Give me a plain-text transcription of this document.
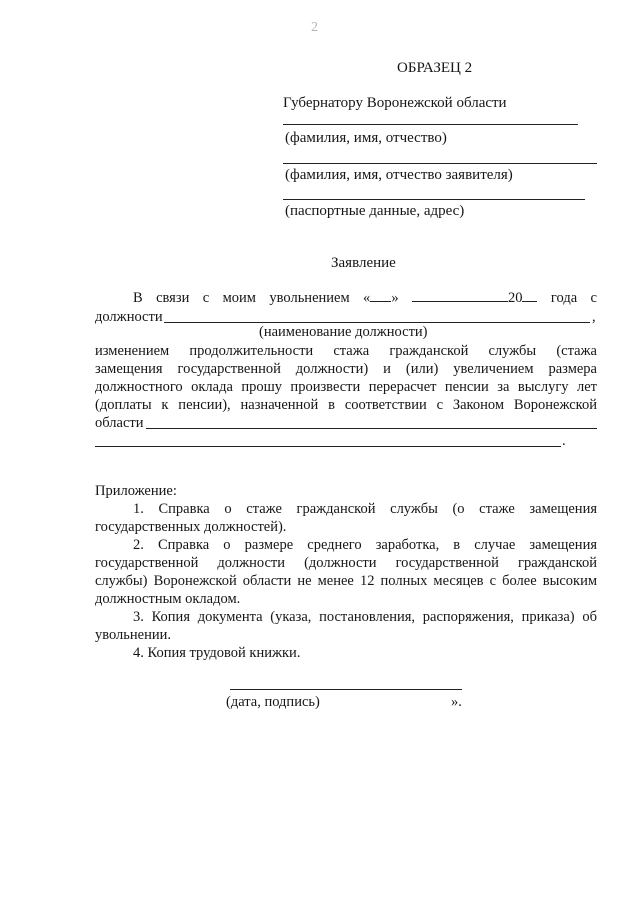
2
ОБРАЗЕЦ 2
Губернатору Воронежской области
(фамилия, имя, отчество)
(фамилия, имя, отчество заявителя)
(паспортные данные, адрес)
Заявление
В связи с моим увольнением « »	20 года с
должности	,
(наименование должности)
изменением продолжительности стажа гражданской службы (стажа
замещения государственной должности) и (или) увеличением размера
должностного оклада прошу произвести перерасчет пенсии за выслугу лет
(доплаты к пенсии), назначенной в соответствии с Законом Воронежской
области
.
Приложение:
1. Справка о стаже гражданской службы (о стаже замещения
государственных должностей).
2. Справка о размере среднего заработка, в случае замещения
государственной должности (должности государственной гражданской
службы) Воронежской области не менее 12 полных месяцев с более высоким
должностным окладом.
3. Копия документа (указа, постановления, распоряжения, приказа) об
увольнении.
4. Копия трудовой книжки.
(дата, подпись)	».
